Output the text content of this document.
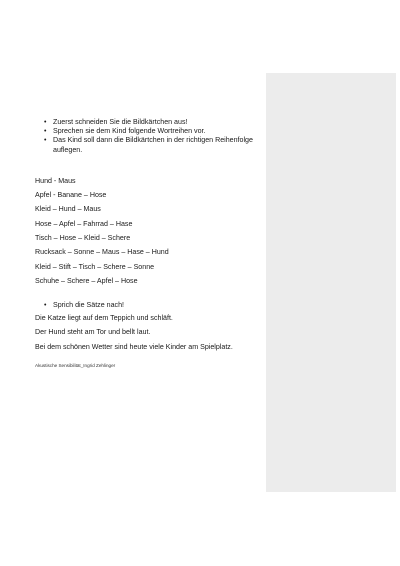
• Zuerst schneiden Sie die Bildkärtchen aus!
• Sprechen sie dem Kind folgende Wortreihen vor.
• Das Kind soll dann die Bildkärtchen in der richtigen Reihenfolge auflegen.
Hund - Maus
Apfel - Banane – Hose
Kleid – Hund – Maus
Hose – Apfel – Fahrrad – Hase
Tisch – Hose – Kleid – Schere
Rucksack – Sonne – Maus – Hase – Hund
Kleid – Stift – Tisch – Schere – Sonne
Schuhe – Schere – Apfel – Hose
• Sprich die Sätze nach!
Die Katze liegt auf dem Teppich und schläft.
Der Hund steht am Tor und bellt laut.
Bei dem schönen Wetter sind heute viele Kinder am Spielplatz.
Akustische Sensibilität_Ingrid Zehlinger
